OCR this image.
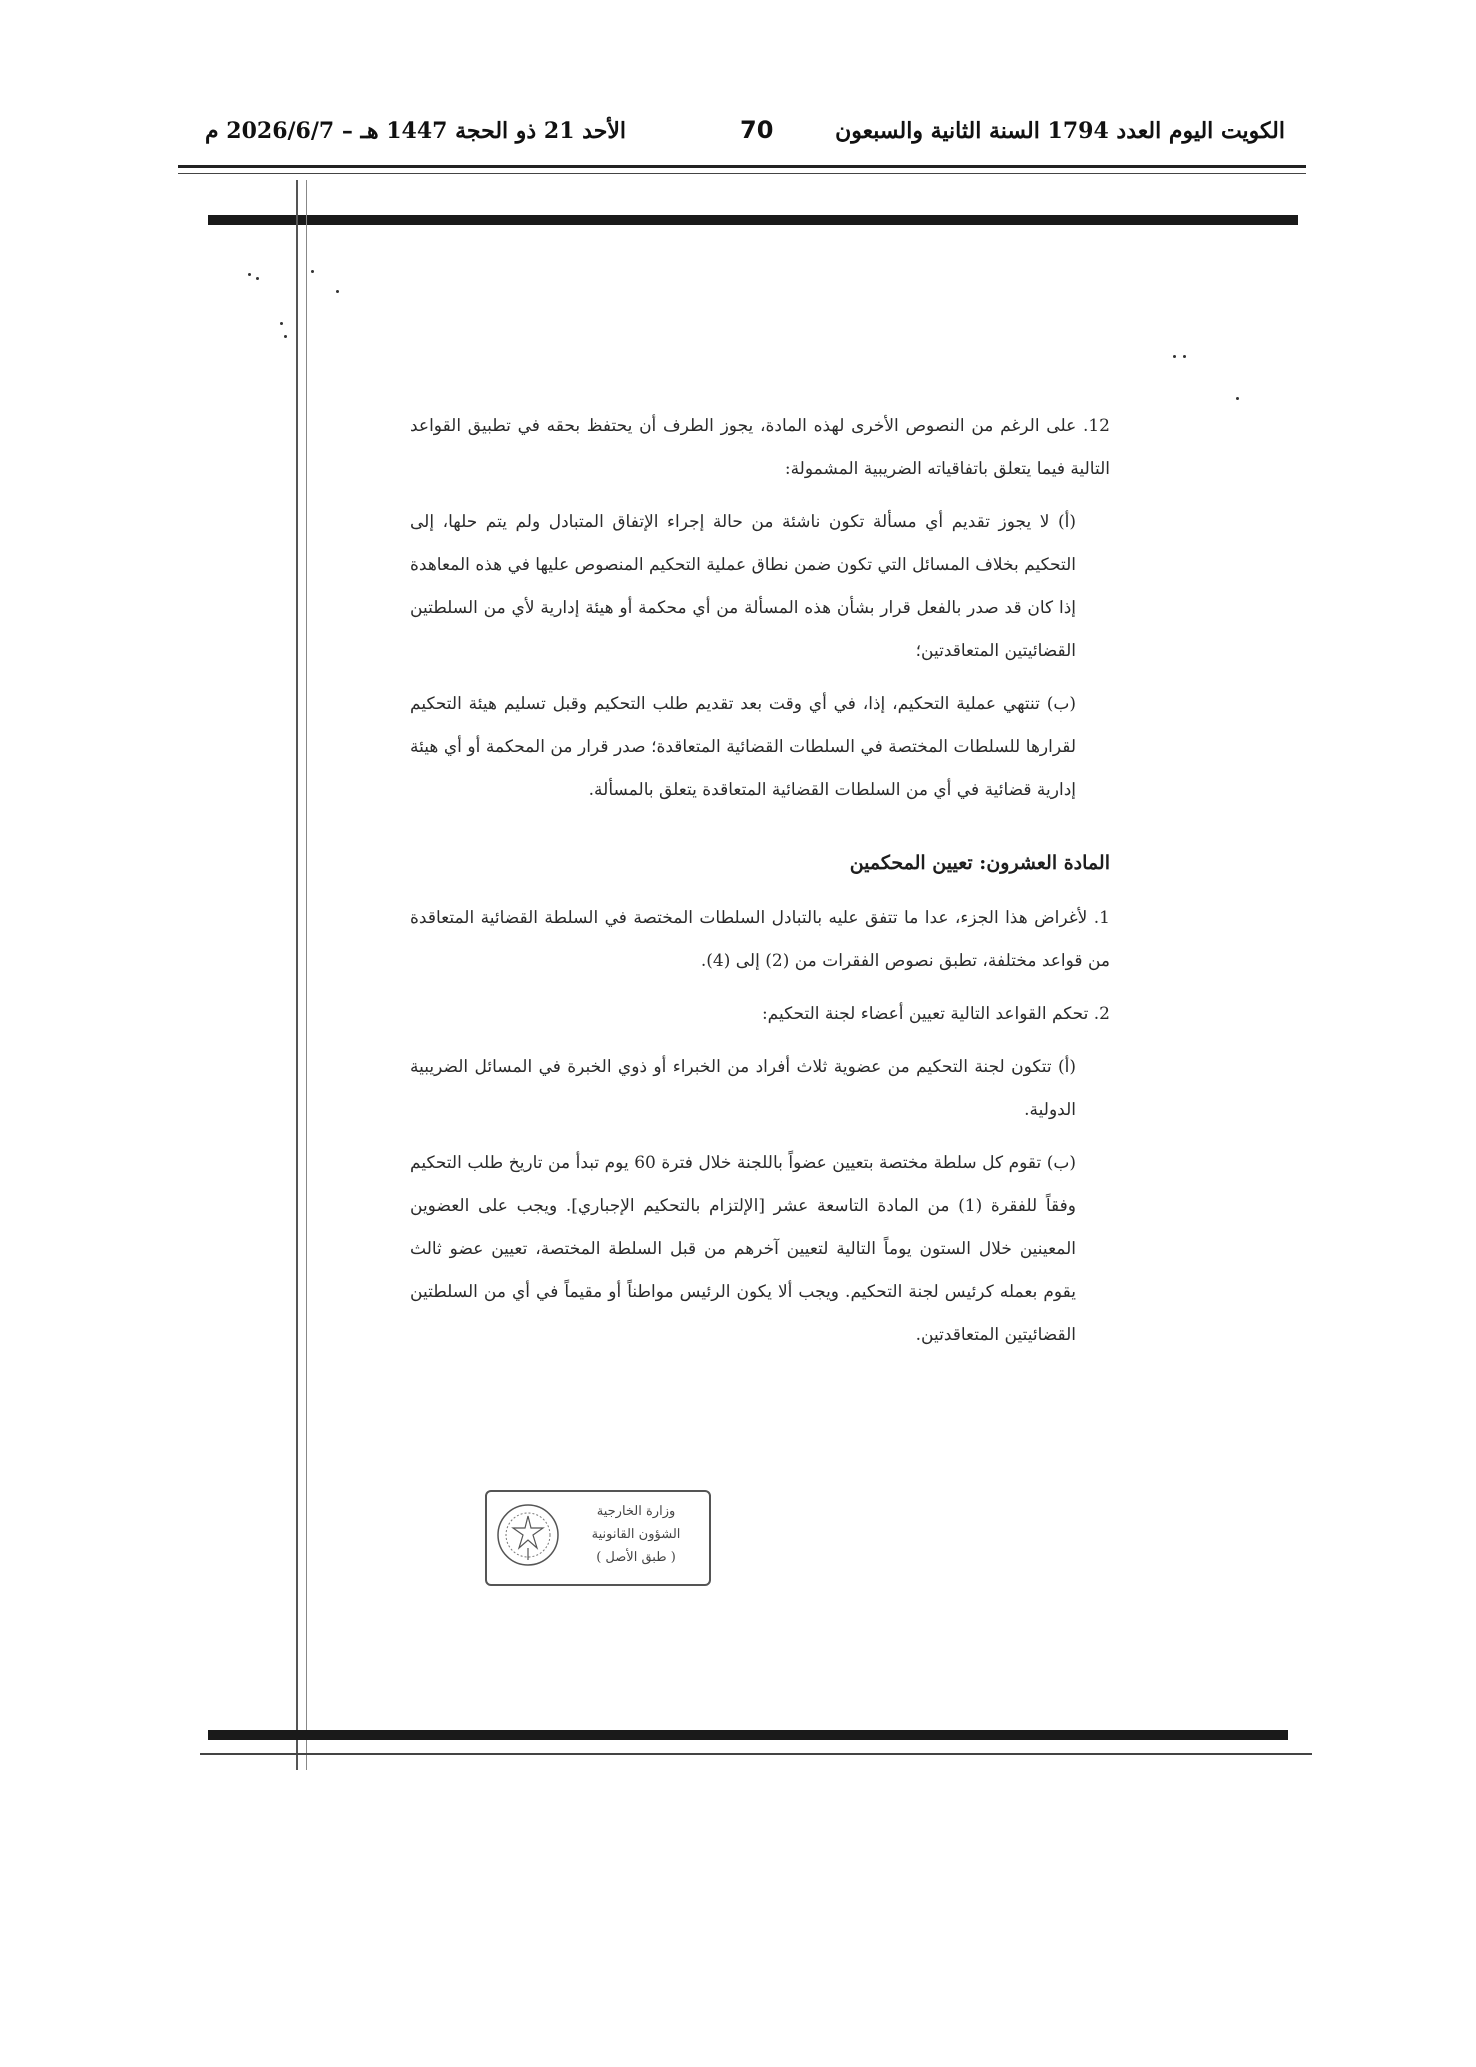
الكويت اليوم العدد 1794 السنة الثانية والسبعون
70
الأحد 21 ذو الحجة 1447 هـ – 2026/6/7 م

12. على الرغم من النصوص الأخرى لهذه المادة، يجوز الطرف أن يحتفظ بحقه في تطبيق القواعد التالية فيما يتعلق باتفاقياته الضريبية المشمولة:

(أ) لا يجوز تقديم أي مسألة تكون ناشئة من حالة إجراء الإتفاق المتبادل ولم يتم حلها، إلى التحكيم بخلاف المسائل التي تكون ضمن نطاق عملية التحكيم المنصوص عليها في هذه المعاهدة إذا كان قد صدر بالفعل قرار بشأن هذه المسألة من أي محكمة أو هيئة إدارية لأي من السلطتين القضائيتين المتعاقدتين؛

(ب) تنتهي عملية التحكيم، إذا، في أي وقت بعد تقديم طلب التحكيم وقبل تسليم هيئة التحكيم لقرارها للسلطات المختصة في السلطات القضائية المتعاقدة؛ صدر قرار من المحكمة أو أي هيئة إدارية قضائية في أي من السلطات القضائية المتعاقدة يتعلق بالمسألة.

المادة العشرون: تعيين المحكمين

1. لأغراض هذا الجزء، عدا ما تتفق عليه بالتبادل السلطات المختصة في السلطة القضائية المتعاقدة من قواعد مختلفة، تطبق نصوص الفقرات من (2) إلى (4).

2. تحكم القواعد التالية تعيين أعضاء لجنة التحكيم:

(أ) تتكون لجنة التحكيم من عضوية ثلاث أفراد من الخبراء أو ذوي الخبرة في المسائل الضريبية الدولية.

(ب) تقوم كل سلطة مختصة بتعيين عضواً باللجنة خلال فترة 60 يوم تبدأ من تاريخ طلب التحكيم وفقاً للفقرة (1) من المادة التاسعة عشر [الإلتزام بالتحكيم الإجباري]. ويجب على العضوين المعينين خلال الستون يوماً التالية لتعيين آخرهم من قبل السلطة المختصة، تعيين عضو ثالث يقوم بعمله كرئيس لجنة التحكيم. ويجب ألا يكون الرئيس مواطناً أو مقيماً في أي من السلطتين القضائيتين المتعاقدتين.

وزارة الخارجية
الشؤون القانونية
( طبق الأصل )
